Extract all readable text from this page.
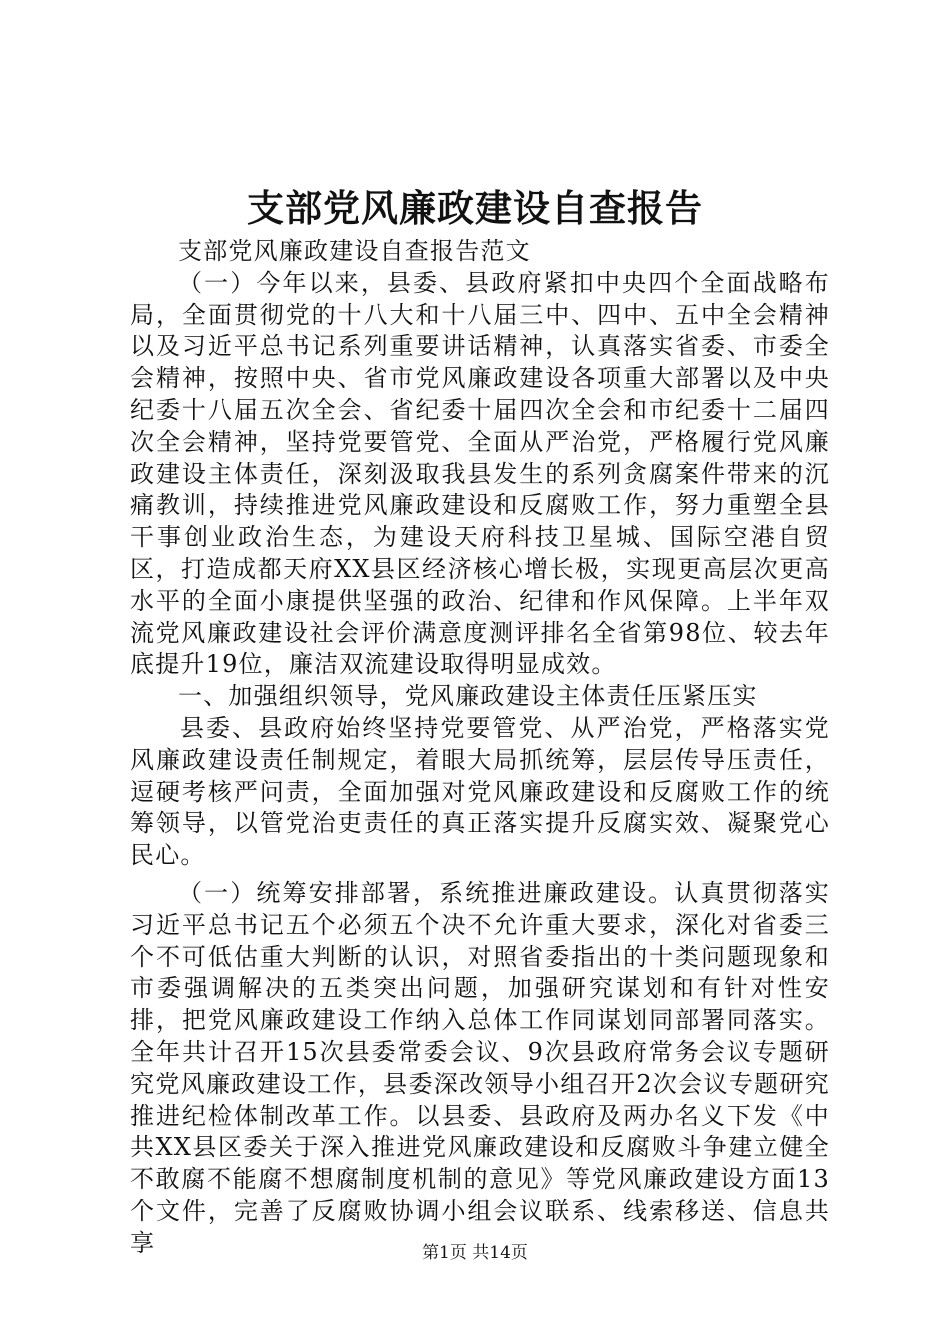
支部党风廉政建设自查报告

支部党风廉政建设自查报告范文

（一）今年以来，县委、县政府紧扣中央四个全面战略布局，全面贯彻党的十八大和十八届三中、四中、五中全会精神以及习近平总书记系列重要讲话精神，认真落实省委、市委全会精神，按照中央、省市党风廉政建设各项重大部署以及中央纪委十八届五次全会、省纪委十届四次全会和市纪委十二届四次全会精神，坚持党要管党、全面从严治党，严格履行党风廉政建设主体责任，深刻汲取我县发生的系列贪腐案件带来的沉痛教训，持续推进党风廉政建设和反腐败工作，努力重塑全县干事创业政治生态，为建设天府科技卫星城、国际空港自贸区，打造成都天府XX县区经济核心增长极，实现更高层次更高水平的全面小康提供坚强的政治、纪律和作风保障。上半年双流党风廉政建设社会评价满意度测评排名全省第98位、较去年底提升19位，廉洁双流建设取得明显成效。

一、加强组织领导，党风廉政建设主体责任压紧压实

县委、县政府始终坚持党要管党、从严治党，严格落实党风廉政建设责任制规定，着眼大局抓统筹，层层传导压责任，逗硬考核严问责，全面加强对党风廉政建设和反腐败工作的统筹领导，以管党治吏责任的真正落实提升反腐实效、凝聚党心民心。

（一）统筹安排部署，系统推进廉政建设。认真贯彻落实习近平总书记五个必须五个决不允许重大要求，深化对省委三个不可低估重大判断的认识，对照省委指出的十类问题现象和市委强调解决的五类突出问题，加强研究谋划和有针对性安排，把党风廉政建设工作纳入总体工作同谋划同部署同落实。全年共计召开15次县委常委会议、9次县政府常务会议专题研究党风廉政建设工作，县委深改领导小组召开2次会议专题研究推进纪检体制改革工作。以县委、县政府及两办名义下发《中共XX县区委关于深入推进党风廉政建设和反腐败斗争建立健全不敢腐不能腐不想腐制度机制的意见》等党风廉政建设方面13个文件，完善了反腐败协调小组会议联系、线索移送、信息共享	第1页 共14页
